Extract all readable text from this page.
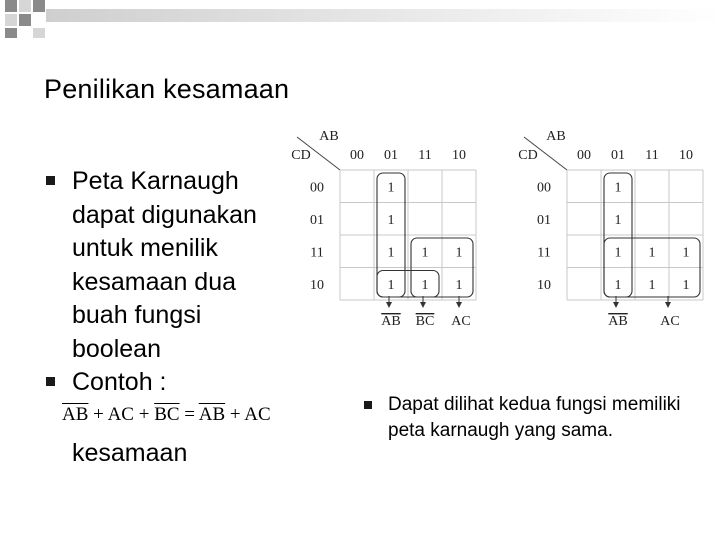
Penilikan kesamaan
Peta Karnaugh dapat digunakan untuk menilik kesamaan dua buah fungsi boolean
Contoh :

$\overline{AB}$ + AC + $\overline{BC} = \overline{AB}$ + AC

kesamaan
00 01 11 10
00
01
11
10
AB
CD
1
1
1 1 1
1 1 1
AB BC AC
00 01 11 10
00
01
11
10
AB
CD
1
1
1 1 1
1 1 1
AB AC
Dapat dilihat kedua fungsi memiliki peta karnaugh yang sama.
